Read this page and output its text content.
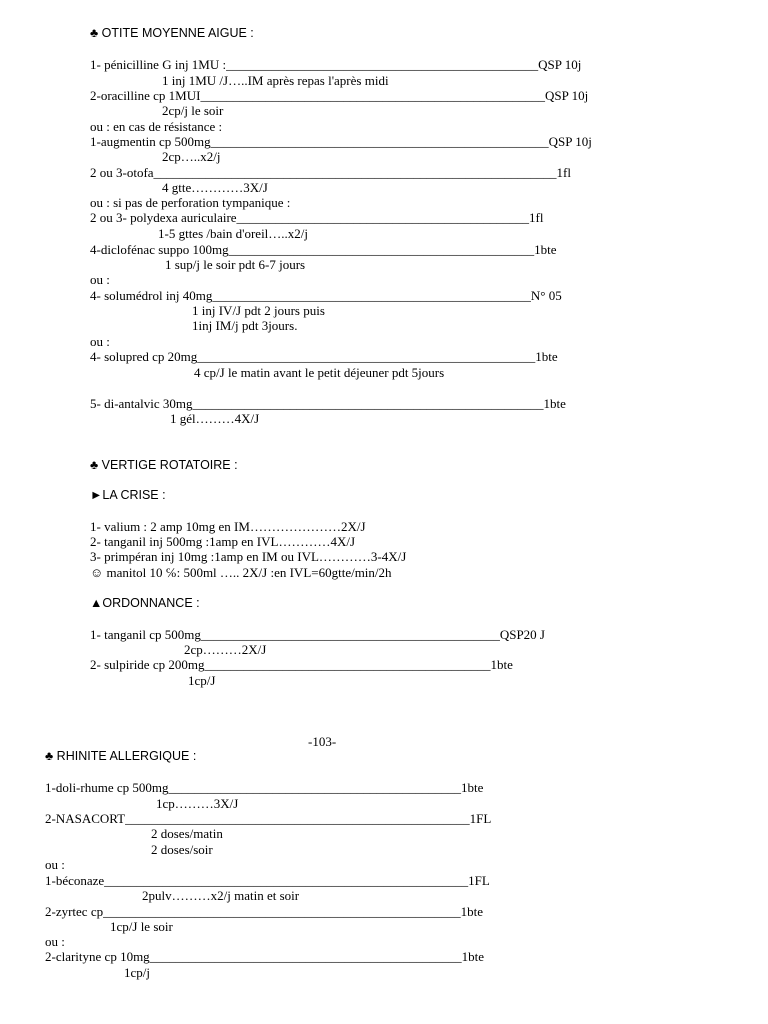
♣ OTITE MOYENNE AIGUE :
1- pénicilline G inj 1MU :________________________________________________QSP 10j
1 inj 1MU /J…..IM après repas l'après midi
2-oracilline cp 1MUI_____________________________________________________QSP 10j
2cp/j le soir
ou : en cas de résistance :
1-augmentin cp 500mg____________________________________________________QSP 10j
2cp…..x2/j
2 ou 3-otofa______________________________________________________________1fl
4 gtte…………3X/J
ou : si pas de perforation tympanique :
2 ou 3- polydexa auriculaire_____________________________________________1fl
1-5 gttes /bain d'oreil…..x2/j
4-diclofénac suppo 100mg_______________________________________________1bte
1 sup/j le soir pdt 6-7 jours
ou :
4- solumédrol inj 40mg_________________________________________________N° 05
1 inj IV/J pdt 2 jours puis
1inj IM/j pdt 3jours.
ou :
4- solupred cp 20mg____________________________________________________1bte
4 cp/J le matin avant le petit déjeuner pdt 5jours
5- di-antalvic 30mg______________________________________________________1bte
1 gél………4X/J
♣ VERTIGE ROTATOIRE :
►LA CRISE :
1- valium : 2 amp 10mg en IM…………………2X/J
2- tanganil inj 500mg :1amp en IVL…………4X/J
3- primpéran inj 10mg :1amp en IM ou IVL…………3-4X/J
☺ manitol 10 ℅: 500ml ….. 2X/J :en IVL=60gtte/min/2h
▲ORDONNANCE :
1- tanganil cp 500mg______________________________________________QSP20 J
2cp………2X/J
2- sulpiride cp 200mg____________________________________________1bte
1cp/J
-103-
♣ RHINITE ALLERGIQUE :
1-doli-rhume cp 500mg_____________________________________________1bte
1cp………3X/J
2-NASACORT_____________________________________________________1FL
2 doses/matin
2 doses/soir
ou :
1-béconaze________________________________________________________1FL
2pulv………x2/j matin et soir
2-zyrtec cp_______________________________________________________1bte
1cp/J le soir
ou :
2-clarityne cp 10mg________________________________________________1bte
1cp/j
